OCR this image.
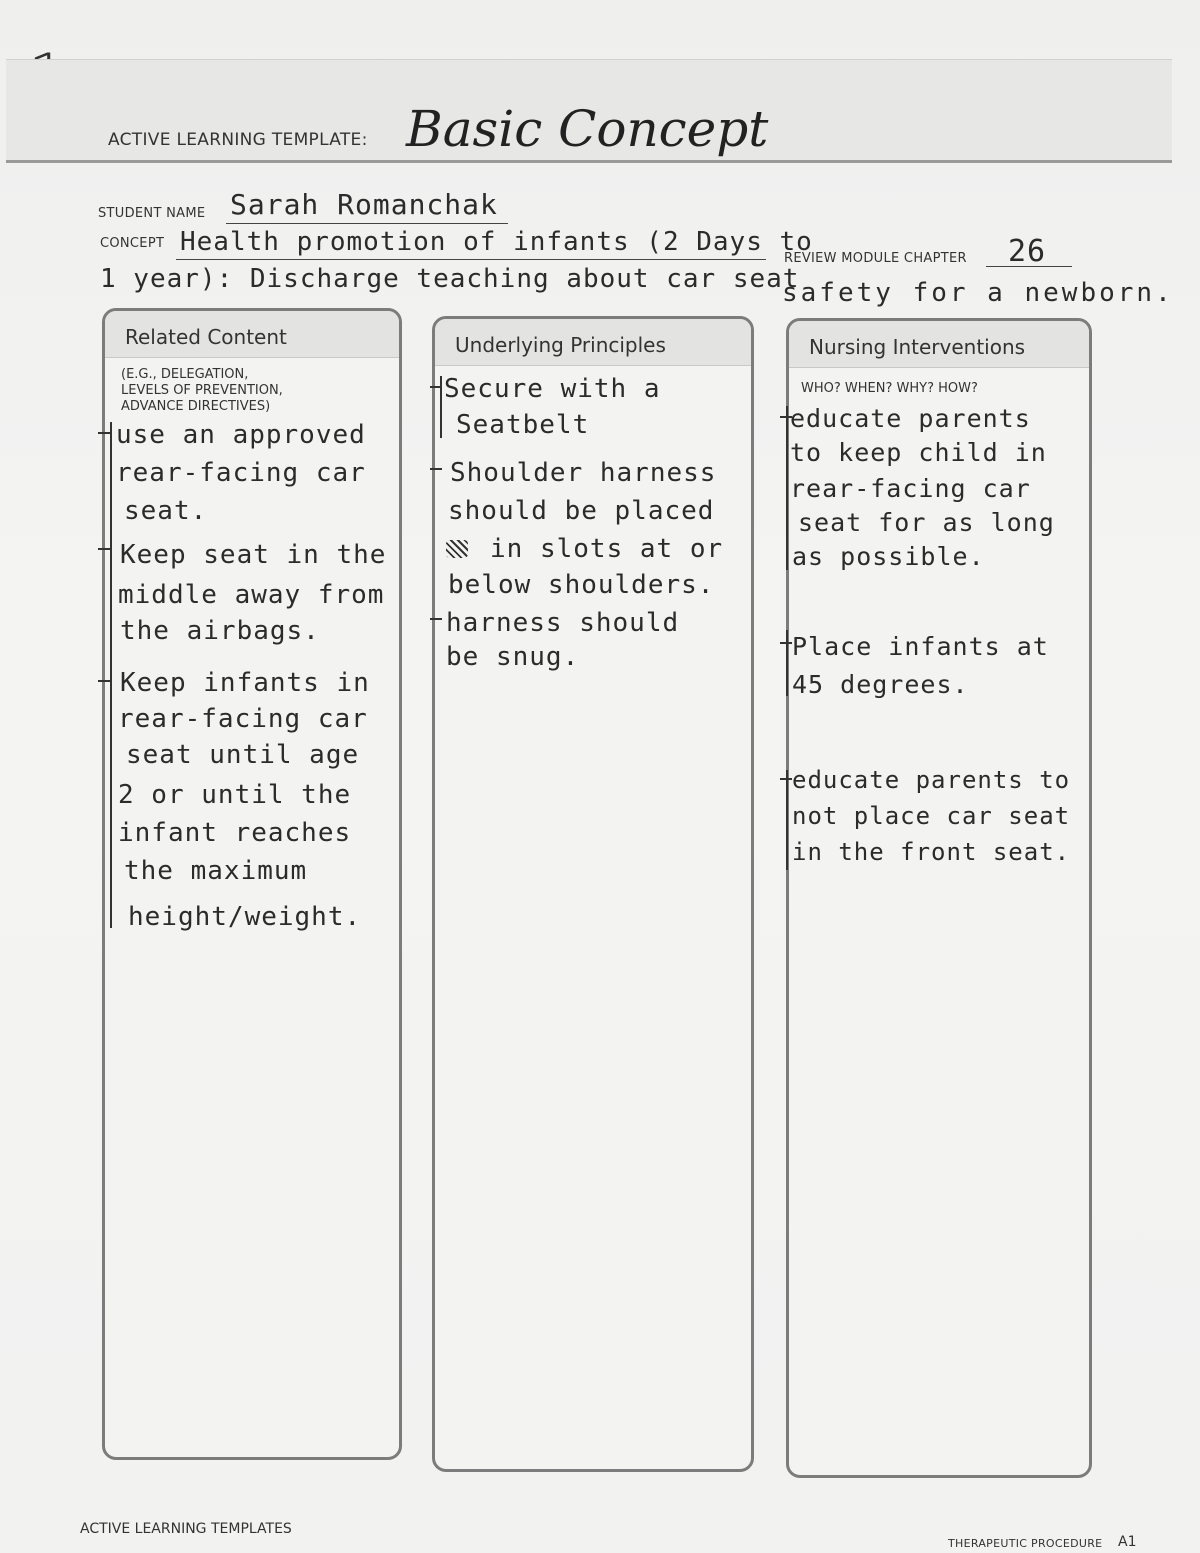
ACTIVE LEARNING TEMPLATE: Basic Concept
STUDENT NAME Sarah Romanchak
CONCEPT Health promotion of infants (2 Days to
1 year): Discharge teaching about car seat
safety for a newborn.
REVIEW MODULE CHAPTER 26
Related Content
(E.G., DELEGATION,
LEVELS OF PREVENTION,
ADVANCE DIRECTIVES)
use an approved
rear-facing car
seat.
Keep seat in the
middle away from
the airbags.
Keep infants in
rear-facing car
seat until age
2 or until the
infant reaches
the maximum
height/weight.
Underlying Principles
Secure with a
Seatbelt
Shoulder harness
should be placed
in slots at or
below shoulders.
harness should
be snug.
Nursing Interventions
WHO? WHEN? WHY? HOW?
educate parents
to keep child in
rear-facing car
seat for as long
as possible.
Place infants at
45 degrees.
educate parents to
not place car seat
in the front seat.
ACTIVE LEARNING TEMPLATES
THERAPEUTIC PROCEDURE A1
